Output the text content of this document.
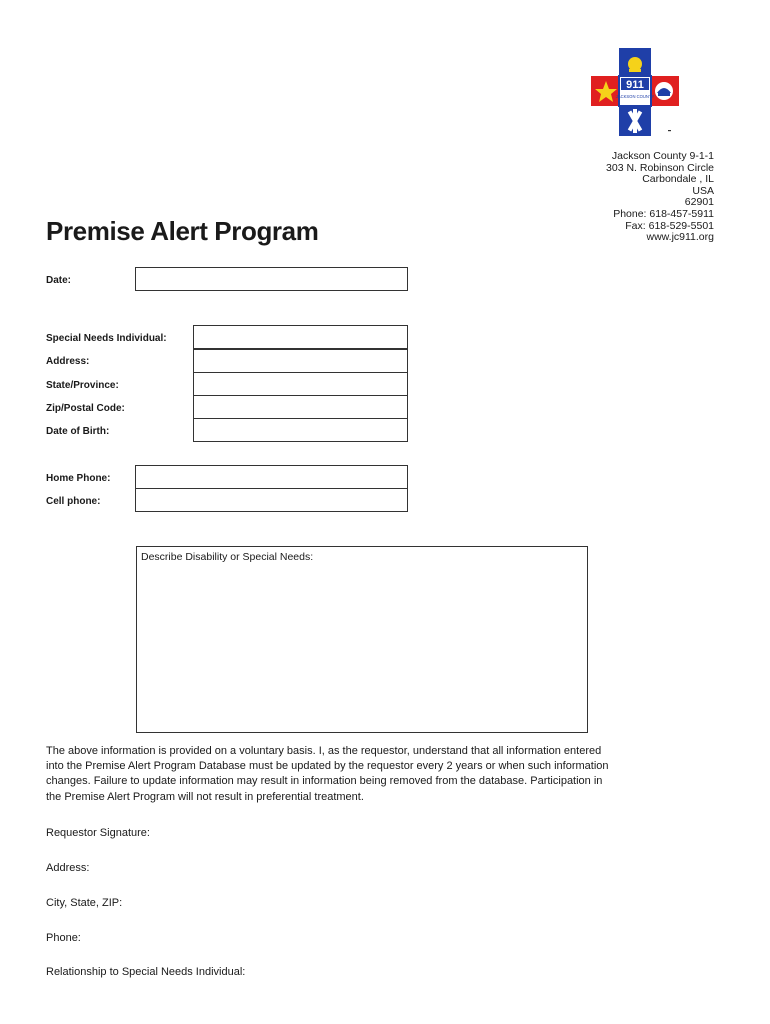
911
JACKSON COUNTY
Jackson County 9-1-1
303 N. Robinson Circle
Carbondale , IL
USA
62901
Phone: 618-457-5911
Fax: 618-529-5501
www.jc911.org
Premise Alert Program
Date:
Special Needs Individual:
Address:
State/Province:
Zip/Postal Code:
Date of Birth:
Home Phone:
Cell phone:
Describe Disability or Special Needs:

The above information is provided on a voluntary basis. I, as the requestor, understand that all information entered into the Premise Alert Program Database must be updated by the requestor every 2 years or when such information changes. Failure to update information may result in information being removed from the database. Participation in the Premise Alert Program will not result in preferential treatment.

Requestor Signature:
Address:
City, State, ZIP:
Phone:
Relationship to Special Needs Individual:
